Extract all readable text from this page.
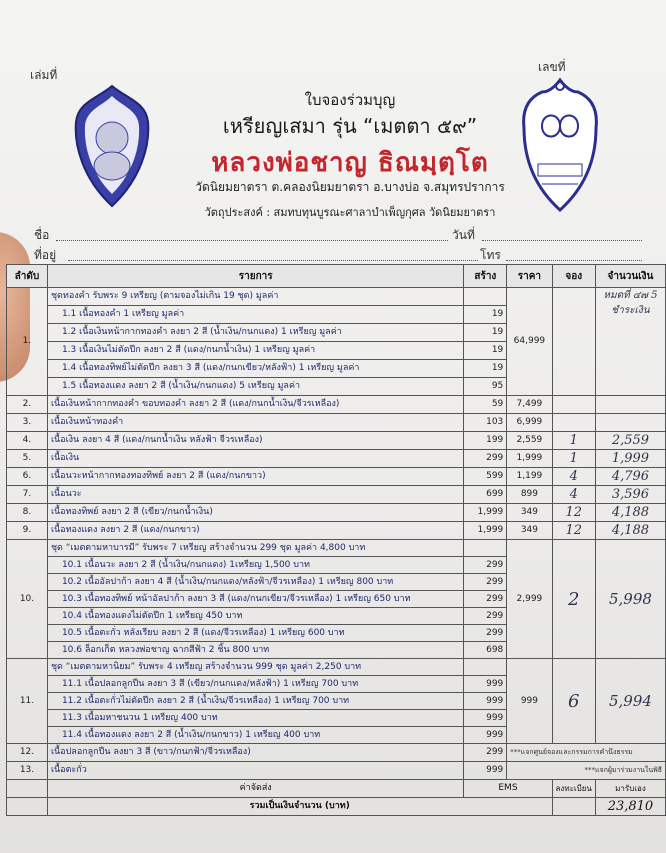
เล่มที่
เลขที่
ใบจองร่วมบุญ
เหรียญเสมา รุ่น “เมตตา ๕๙”
หลวงพ่อชาญ ธิณมฺตฺโต
วัดนิยมยาตรา ต.คลองนิยมยาตรา อ.บางบ่อ จ.สมุทรปราการ
วัตถุประสงค์ : สมทบทุนบูรณะศาลาบำเพ็ญกุศล วัดนิยมยาตรา
ชื่อ	วันที่
ที่อยู่	โทร
ลำดับ	รายการ	สร้าง	ราคา	จอง	จำนวนเงิน
1.	ชุดทองคำ รับพระ 9 เหรียญ (ตามจองไม่เกิน 19 ชุด) มูลค่า		64,999		หมดที่ ๔๗ 5 ชำระเงิน
	1.1 เนื้อทองคำ 1 เหรียญ มูลค่า	19			
	1.2 เนื้อเงินหน้ากากทองคำ ลงยา 2 สี (น้ำเงิน/กนกแดง) 1 เหรียญ มูลค่า	19			
	1.3 เนื้อเงินไม่ตัดปีก ลงยา 2 สี (แดง/กนกน้ำเงิน) 1 เหรียญ มูลค่า	19			
	1.4 เนื้อทองทิพย์ไม่ตัดปีก ลงยา 3 สี (แดง/กนกเขียว/หลังฟ้า) 1 เหรียญ มูลค่า	19			
	1.5 เนื้อทองแดง ลงยา 2 สี (น้ำเงิน/กนกแดง) 5 เหรียญ มูลค่า	95			
2.	เนื้อเงินหน้ากากทองคำ ขอบทองคำ ลงยา 2 สี (แดง/กนกน้ำเงิน/จีวรเหลือง)	59	7,499		
3.	เนื้อเงินหน้าทองคำ	103	6,999		
4.	เนื้อเงิน ลงยา 4 สี (แดง/กนกน้ำเงิน หลังฟ้า จีวรเหลือง)	199	2,559	1	2,559
5.	เนื้อเงิน	299	1,999	1	1,999
6.	เนื้อนวะหน้ากากทองทองทิพย์ ลงยา 2 สี (แดง/กนกขาว)	599	1,199	4	4,796
7.	เนื้อนวะ	699	899	4	3,596
8.	เนื้อทองทิพย์ ลงยา 2 สี (เขียว/กนกน้ำเงิน)	1,999	349	12	4,188
9.	เนื้อทองแดง ลงยา 2 สี (แดง/กนกขาว)	1,999	349	12	4,188
10.	ชุด “เมตตามหาบารมี” รับพระ 7 เหรียญ สร้างจำนวน 299 ชุด มูลค่า 4,800 บาท		2,999	2	5,998
	10.1 เนื้อนวะ ลงยา 2 สี (น้ำเงิน/กนกแดง) 1เหรียญ 1,500 บาท	299			
	10.2 เนื้ออัลปาก้า ลงยา 4 สี (น้ำเงิน/กนกแดง/หลังฟ้า/จีวรเหลือง) 1 เหรียญ 800 บาท	299			
	10.3 เนื้อทองทิพย์ หน้าอัลปาก้า ลงยา 3 สี (แดง/กนกเขียว/จีวรเหลือง) 1 เหรียญ 650 บาท	299			
	10.4 เนื้อทองแดงไม่ตัดปีก 1 เหรียญ 450 บาท	299			
	10.5 เนื้อตะกั่ว หลังเรียบ ลงยา 2 สี (แดง/จีวรเหลือง) 1 เหรียญ 600 บาท	299			
	10.6 ล็อกเก็ต หลวงพ่อชาญ ฉากสีฟ้า 2 ชิ้น 800 บาท	698			
11.	ชุด “เมตตามหานิยม” รับพระ 4 เหรียญ สร้างจำนวน 999 ชุด มูลค่า 2,250 บาท		999	6	5,994
	11.1 เนื้อปลอกลูกปืน ลงยา 3 สี (เขียว/กนกแดง/หลังฟ้า) 1 เหรียญ 700 บาท	999			
	11.2 เนื้อตะกั่วไม่ตัดปีก ลงยา 2 สี (น้ำเงิน/จีวรเหลือง) 1 เหรียญ 700 บาท	999			
	11.3 เนื้อมหาชนวน 1 เหรียญ 400 บาท	999			
	11.4 เนื้อทองแดง ลงยา 2 สี (น้ำเงิน/กนกขาว) 1 เหรียญ 400 บาท	999			
12.	เนื้อปลอกลูกปืน ลงยา 3 สี (ขาว/กนกฟ้า/จีวรเหลือง)	299	***แจกศูนย์จองและกรรมการคำนึงธรรม		
13.	เนื้อตะกั่ว	999	***แจกผู้มาร่วมงานในพิธี		
	ค่าจัดส่ง	EMS		ลงทะเบียน	มารับเอง
	รวมเป็นเงินจำนวน (บาท)				23,810
